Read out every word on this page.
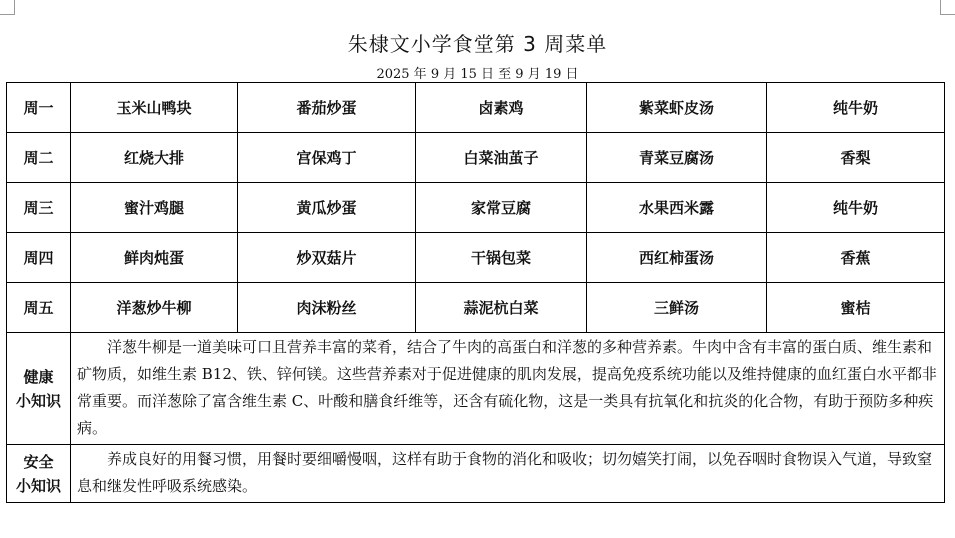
朱棣文小学食堂第 3 周菜单
2025 年 9 月 15 日 至 9 月 19 日
周一	玉米山鸭块	番茄炒蛋	卤素鸡	紫菜虾皮汤	纯牛奶
周二	红烧大排	宫保鸡丁	白菜油茧子	青菜豆腐汤	香梨
周三	蜜汁鸡腿	黄瓜炒蛋	家常豆腐	水果西米露	纯牛奶
周四	鲜肉炖蛋	炒双菇片	干锅包菜	西红柿蛋汤	香蕉
周五	洋葱炒牛柳	肉沫粉丝	蒜泥杭白菜	三鲜汤	蜜桔

健康
小知识	洋葱牛柳是一道美味可口且营养丰富的菜肴，结合了牛肉的高蛋白和洋葱的多种营养素。牛肉中含有丰富的蛋白质、维生素和矿物质，如维生素 B12、铁、锌何镁。这些营养素对于促进健康的肌肉发展，提高免疫系统功能以及维持健康的血红蛋白水平都非常重要。而洋葱除了富含维生素 C、叶酸和膳食纤维等，还含有硫化物，这是一类具有抗氧化和抗炎的化合物，有助于预防多种疾病。				

安全
小知识	养成良好的用餐习惯，用餐时要细嚼慢咽，这样有助于食物的消化和吸收；切勿嬉笑打闹，以免吞咽时食物误入气道，导致窒息和继发性呼吸系统感染。				
